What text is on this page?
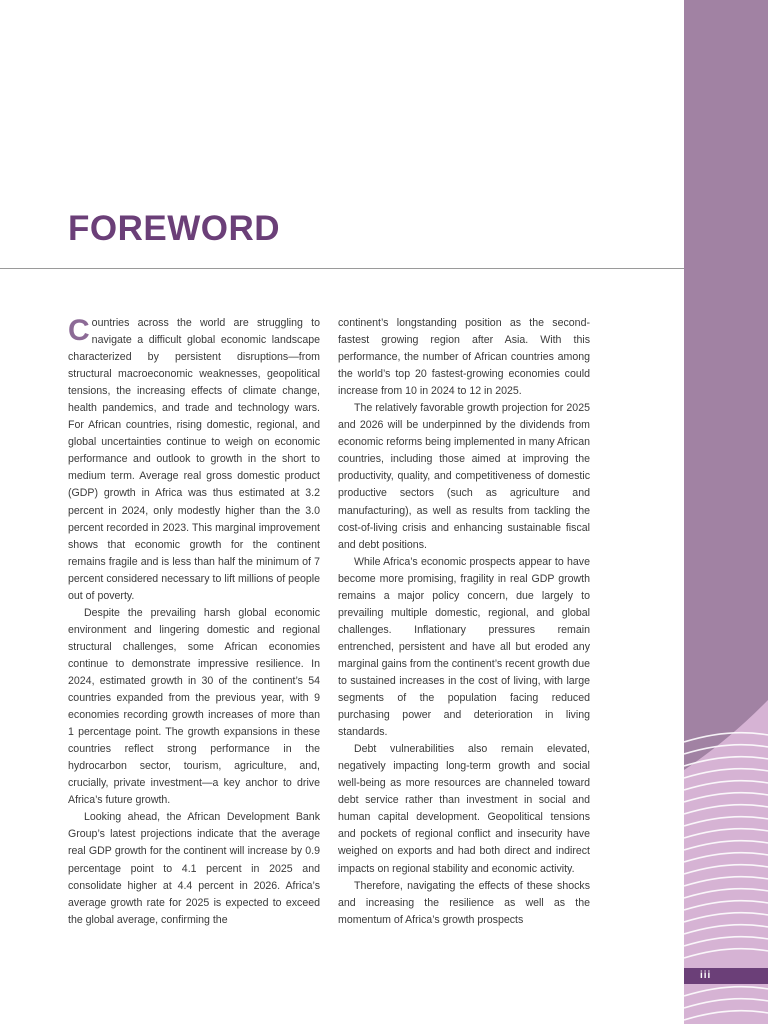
FOREWORD

Countries across the world are struggling to navigate a difficult global economic landscape characterized by persistent disruptions—from structural macroeconomic weaknesses, geopolitical tensions, the increasing effects of climate change, health pandemics, and trade and technology wars. For African countries, rising domestic, regional, and global uncertainties continue to weigh on economic performance and outlook to growth in the short to medium term. Average real gross domestic product (GDP) growth in Africa was thus estimated at 3.2 percent in 2024, only modestly higher than the 3.0 percent recorded in 2023. This marginal improvement shows that economic growth for the continent remains fragile and is less than half the minimum of 7 percent considered necessary to lift millions of people out of poverty.

Despite the prevailing harsh global economic environment and lingering domestic and regional structural challenges, some African economies continue to demonstrate impressive resilience. In 2024, estimated growth in 30 of the continent’s 54 countries expanded from the previous year, with 9 economies recording growth increases of more than 1 percentage point. The growth expansions in these countries reflect strong performance in the hydrocarbon sector, tourism, agriculture, and, crucially, private investment—a key anchor to drive Africa’s future growth.

Looking ahead, the African Development Bank Group’s latest projections indicate that the average real GDP growth for the continent will increase by 0.9 percentage point to 4.1 percent in 2025 and consolidate higher at 4.4 percent in 2026. Africa’s average growth rate for 2025 is expected to exceed the global average, confirming the

continent’s longstanding position as the second-fastest growing region after Asia. With this performance, the number of African countries among the world’s top 20 fastest-growing economies could increase from 10 in 2024 to 12 in 2025.

The relatively favorable growth projection for 2025 and 2026 will be underpinned by the dividends from economic reforms being implemented in many African countries, including those aimed at improving the productivity, quality, and competitiveness of domestic productive sectors (such as agriculture and manufacturing), as well as results from tackling the cost-of-living crisis and enhancing sustainable fiscal and debt positions.

While Africa’s economic prospects appear to have become more promising, fragility in real GDP growth remains a major policy concern, due largely to prevailing multiple domestic, regional, and global challenges. Inflationary pressures remain entrenched, persistent and have all but eroded any marginal gains from the continent’s recent growth due to sustained increases in the cost of living, with large segments of the population facing reduced purchasing power and deterioration in living standards.

Debt vulnerabilities also remain elevated, negatively impacting long-term growth and social well-being as more resources are channeled toward debt service rather than investment in social and human capital development. Geopolitical tensions and pockets of regional conflict and insecurity have weighed on exports and had both direct and indirect impacts on regional stability and economic activity.

Therefore, navigating the effects of these shocks and increasing the resilience as well as the momentum of Africa’s growth prospects

iii
